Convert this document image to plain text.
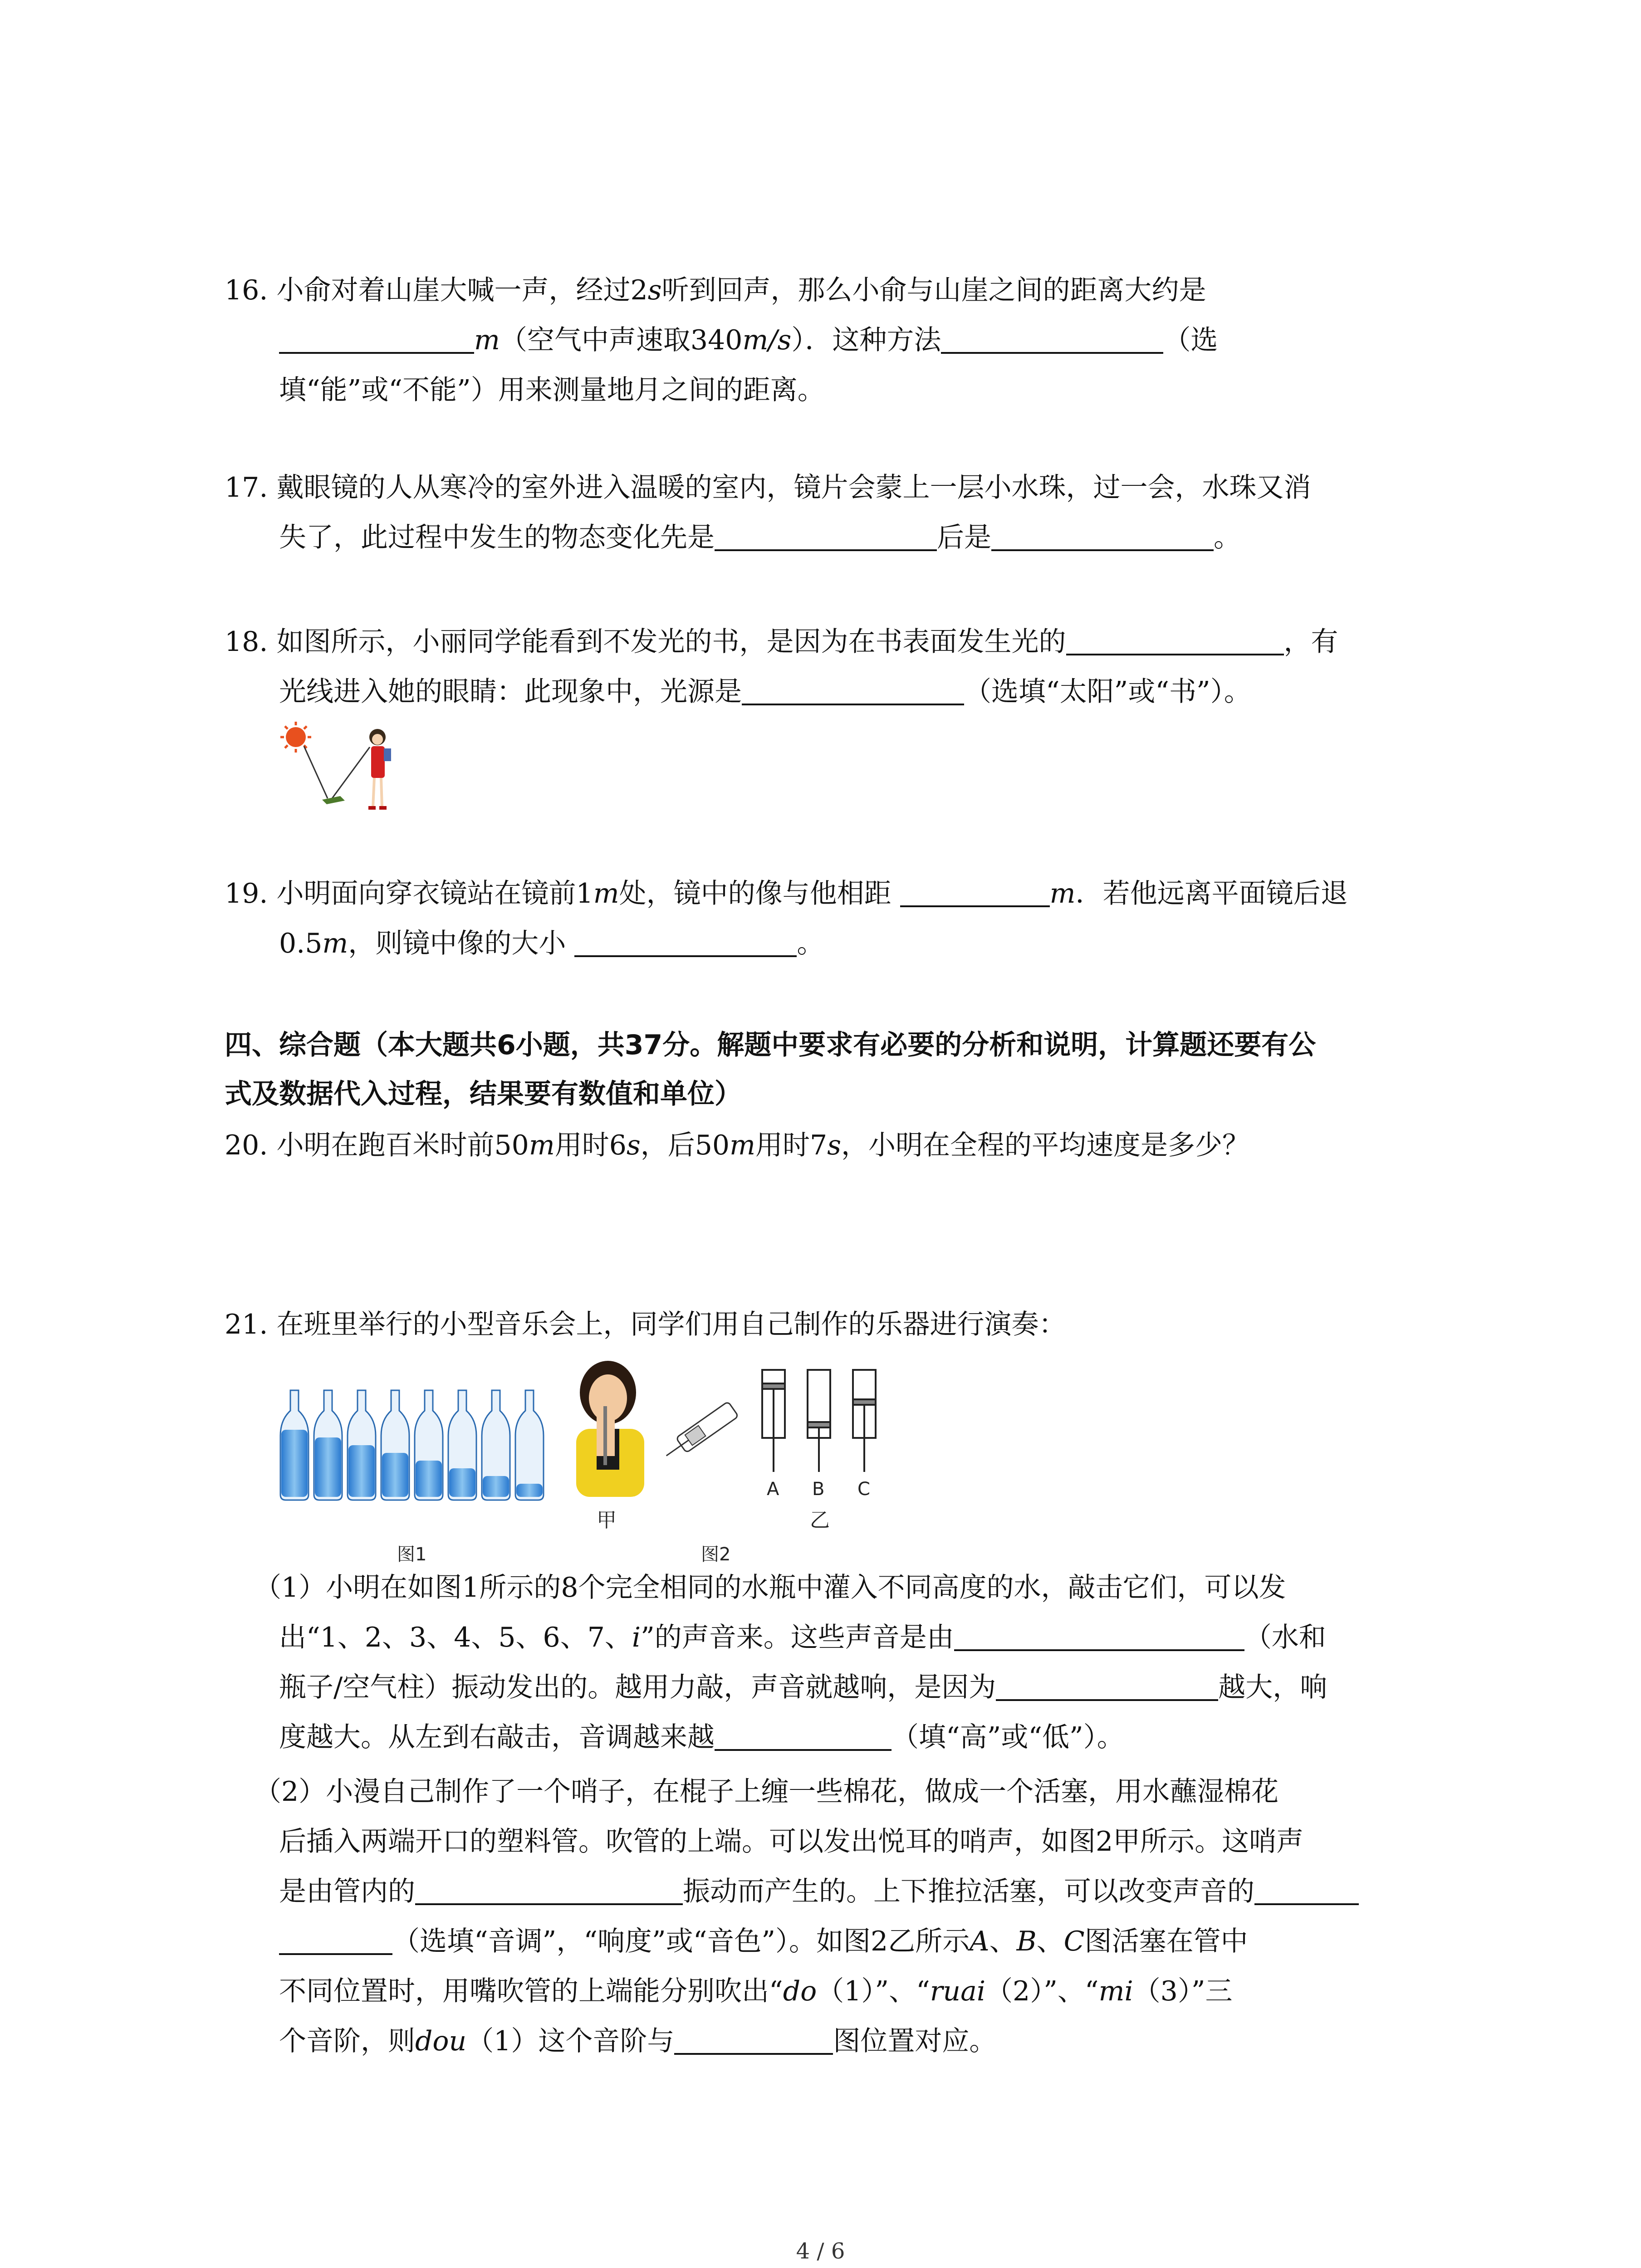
16. 小俞对着山崖大喊一声，经过2s听到回声，那么小俞与山崖之间的距离大约是
m（空气中声速取340m/s）．这种方法	（选
填“能”或“不能”）用来测量地月之间的距离。
17. 戴眼镜的人从寒冷的室外进入温暖的室内，镜片会蒙上一层小水珠，过一会，水珠又消
失了，此过程中发生的物态变化先是	后是	。
18. 如图所示，小丽同学能看到不发光的书，是因为在书表面发生光的	，有
光线进入她的眼睛：此现象中，光源是	（选填“太阳”或“书”）。
19. 小明面向穿衣镜站在镜前1m处，镜中的像与他相距	m．若他远离平面镜后退
0.5m，则镜中像的大小	。
四、综合题（本大题共6小题，共37分。解题中要求有必要的分析和说明，计算题还要有公
式及数据代入过程，结果要有数值和单位）
20. 小明在跑百米时前50m用时6s，后50m用时7s，小明在全程的平均速度是多少？
21. 在班里举行的小型音乐会上，同学们用自己制作的乐器进行演奏：
图1
甲
图2
A B C
乙
（1）小明在如图1所示的8个完全相同的水瓶中灌入不同高度的水，敲击它们，可以发
出“1、2、3、4、5、6、7、i”的声音来。这些声音是由	（水和
瓶子/空气柱）振动发出的。越用力敲，声音就越响，是因为	越大，响
度越大。从左到右敲击，音调越来越	（填“高”或“低”）。
（2）小漫自己制作了一个哨子，在棍子上缠一些棉花，做成一个活塞，用水蘸湿棉花
后插入两端开口的塑料管。吹管的上端。可以发出悦耳的哨声，如图2甲所示。这哨声
是由管内的	振动而产生的。上下推拉活塞，可以改变声音的
（选填“音调”，“响度”或“音色”）。如图2乙所示A、B、C图活塞在管中
不同位置时，用嘴吹管的上端能分别吹出“do（1）”、“ruai（2）”、“mi（3）”三
个音阶，则dou（1）这个音阶与	图位置对应。
4 / 6
